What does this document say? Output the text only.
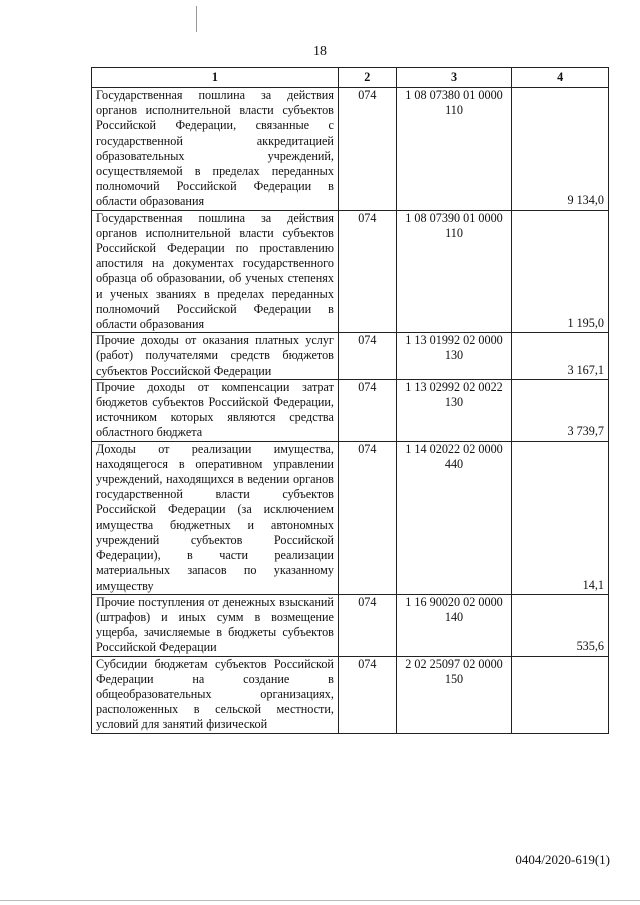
18
1	2	3	4
Государственная пошлина за действия органов исполнительной власти субъектов Российской Федерации, связанные с государственной аккредитацией образовательных учреждений, осуществляемой в пределах переданных полномочий Российской Федерации в области образования	074	1 08 07380 01 0000 110	9 134,0
Государственная пошлина за действия органов исполнительной власти субъектов Российской Федерации по проставлению апостиля на документах государственного образца об образовании, об ученых степенях и ученых званиях в пределах переданных полномочий Российской Федерации в области образования	074	1 08 07390 01 0000 110	1 195,0
Прочие доходы от оказания платных услуг (работ) получателями средств бюджетов субъектов Российской Федерации	074	1 13 01992 02 0000 130	3 167,1
Прочие доходы от компенсации затрат бюджетов субъектов Российской Федерации, источником которых являются средства областного бюджета	074	1 13 02992 02 0022 130	3 739,7
Доходы от реализации имущества, находящегося в оперативном управлении учреждений, находящихся в ведении органов государственной власти субъектов Российской Федерации (за исключением имущества бюджетных и автономных учреждений субъектов Российской Федерации), в части реализации материальных запасов по указанному имуществу	074	1 14 02022 02 0000 440	14,1
Прочие поступления от денежных взысканий (штрафов) и иных сумм в возмещение ущерба, зачисляемые в бюджеты субъектов Российской Федерации	074	1 16 90020 02 0000 140	535,6
Субсидии бюджетам субъектов Российской Федерации на создание в общеобразовательных организациях, расположенных в сельской местности, условий для занятий физической	074	2 02 25097 02 0000 150	
0404/2020-619(1)
